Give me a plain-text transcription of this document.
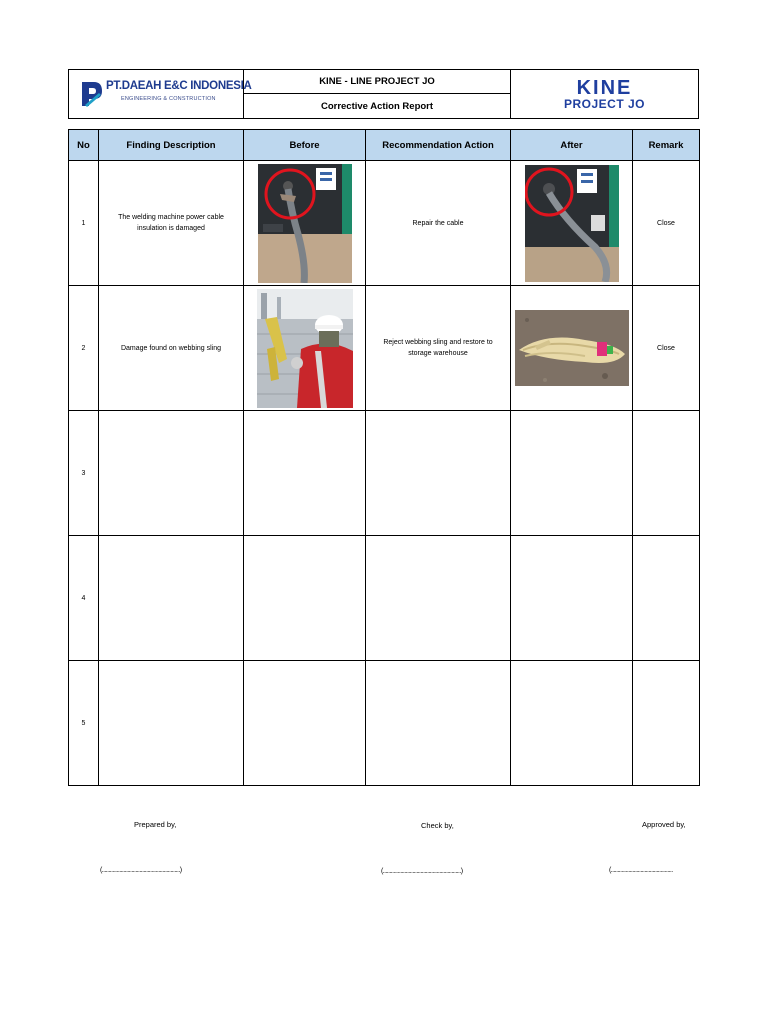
PT.DAEAH E&C INDONESIA
ENGINEERING & CONSTRUCTION
KINE - LINE PROJECT JO
Corrective Action Report
KINE
PROJECT JO
No	Finding Description	Before	Recommendation Action	After	Remark
1	The welding machine power cable insulation is damaged		Repair the cable		Close
2	Damage found on webbing sling		Reject webbing sling and restore to storage warehouse		Close
3					
4					
5					
Prepared by,	Check by,	Approved by,
(..........................................................)	(..........................................................)	(..............................................
